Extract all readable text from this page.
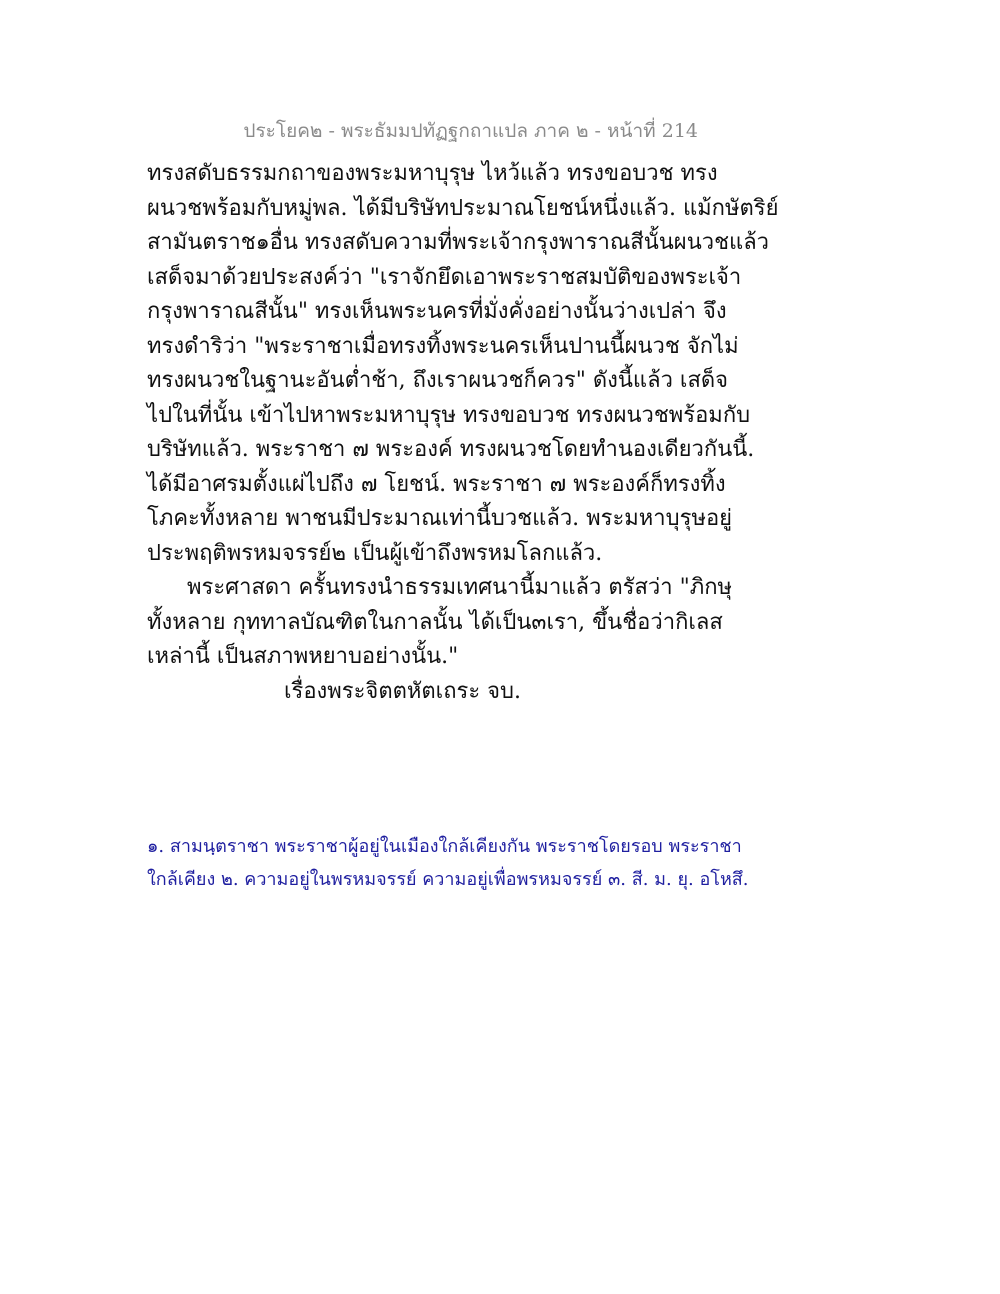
ประโยค๒ - พระธัมมปทัฏฐกถาแปล ภาค ๒ - หน้าที่ 214
ทรงสดับธรรมกถาของพระมหาบุรุษ ไหว้แล้ว ทรงขอบวช ทรง
ผนวชพร้อมกับหมู่พล. ได้มีบริษัทประมาณโยชน์หนึ่งแล้ว. แม้กษัตริย์
สามันตราช๑อื่น ทรงสดับความที่พระเจ้ากรุงพาราณสีนั้นผนวชแล้ว
เสด็จมาด้วยประสงค์ว่า "เราจักยึดเอาพระราชสมบัติของพระเจ้า
กรุงพาราณสีนั้น" ทรงเห็นพระนครที่มั่งคั่งอย่างนั้นว่างเปล่า จึง
ทรงดำริว่า "พระราชาเมื่อทรงทิ้งพระนครเห็นปานนี้ผนวช จักไม่
ทรงผนวชในฐานะอันต่ำช้า, ถึงเราผนวชก็ควร" ดังนี้แล้ว เสด็จ
ไปในที่นั้น เข้าไปหาพระมหาบุรุษ ทรงขอบวช ทรงผนวชพร้อมกับ
บริษัทแล้ว. พระราชา ๗ พระองค์ ทรงผนวชโดยทำนองเดียวกันนี้.
ได้มีอาศรมตั้งแผ่ไปถึง ๗ โยชน์. พระราชา ๗ พระองค์ก็ทรงทิ้ง
โภคะทั้งหลาย พาชนมีประมาณเท่านี้บวชแล้ว. พระมหาบุรุษอยู่
ประพฤติพรหมจรรย์๒ เป็นผู้เข้าถึงพรหมโลกแล้ว.
พระศาสดา ครั้นทรงนำธรรมเทศนานี้มาแล้ว ตรัสว่า "ภิกษุ
ทั้งหลาย กุททาลบัณฑิตในกาลนั้น ได้เป็น๓เรา, ขึ้นชื่อว่ากิเลส
เหล่านี้ เป็นสภาพหยาบอย่างนั้น."
เรื่องพระจิตตหัตเถระ จบ.
๑. สามนฺตราชา พระราชาผู้อยู่ในเมืองใกล้เคียงกัน พระราชโดยรอบ พระราชา
ใกล้เคียง ๒. ความอยู่ในพรหมจรรย์ ความอยู่เพื่อพรหมจรรย์ ๓. สี. ม. ยุ. อโหสึ.
